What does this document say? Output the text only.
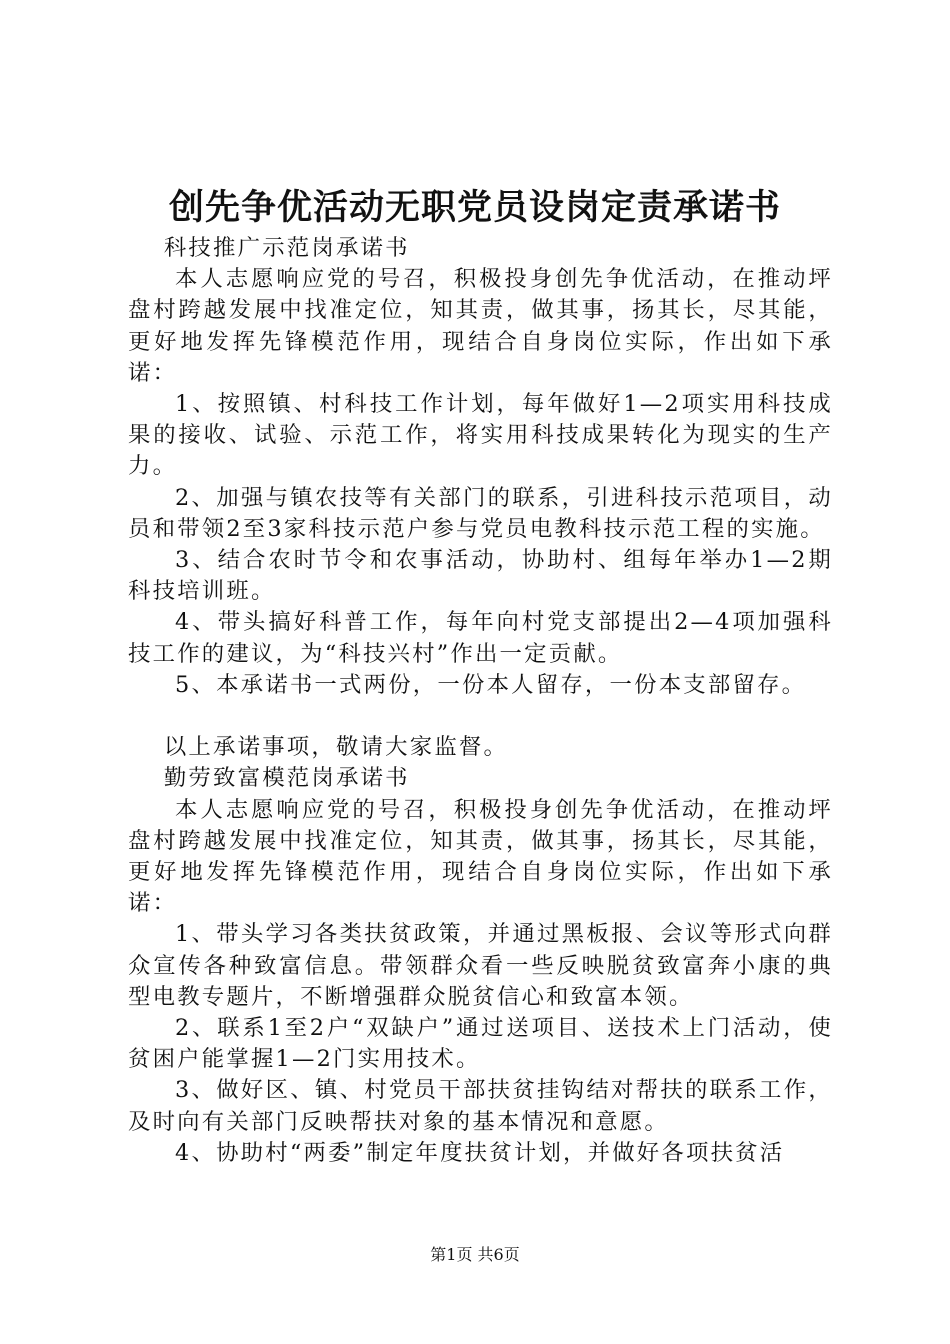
创先争优活动无职党员设岗定责承诺书

科技推广示范岗承诺书

本人志愿响应党的号召，积极投身创先争优活动，在推动坪盘村跨越发展中找准定位，知其责，做其事，扬其长，尽其能，更好地发挥先锋模范作用，现结合自身岗位实际，作出如下承诺：

1、按照镇、村科技工作计划，每年做好1—2项实用科技成果的接收、试验、示范工作，将实用科技成果转化为现实的生产力。

2、加强与镇农技等有关部门的联系，引进科技示范项目，动员和带领2至3家科技示范户参与党员电教科技示范工程的实施。

3、结合农时节令和农事活动，协助村、组每年举办1—2期科技培训班。

4、带头搞好科普工作，每年向村党支部提出2—4项加强科技工作的建议，为“科技兴村”作出一定贡献。

5、本承诺书一式两份，一份本人留存，一份本支部留存。

以上承诺事项，敬请大家监督。

勤劳致富模范岗承诺书

本人志愿响应党的号召，积极投身创先争优活动，在推动坪盘村跨越发展中找准定位，知其责，做其事，扬其长，尽其能，更好地发挥先锋模范作用，现结合自身岗位实际，作出如下承诺：

1、带头学习各类扶贫政策，并通过黑板报、会议等形式向群众宣传各种致富信息。带领群众看一些反映脱贫致富奔小康的典型电教专题片，不断增强群众脱贫信心和致富本领。

2、联系1至2户“双缺户”通过送项目、送技术上门活动，使贫困户能掌握1—2门实用技术。

3、做好区、镇、村党员干部扶贫挂钩结对帮扶的联系工作，及时向有关部门反映帮扶对象的基本情况和意愿。

4、协助村“两委”制定年度扶贫计划，并做好各项扶贫活

第1页 共6页
